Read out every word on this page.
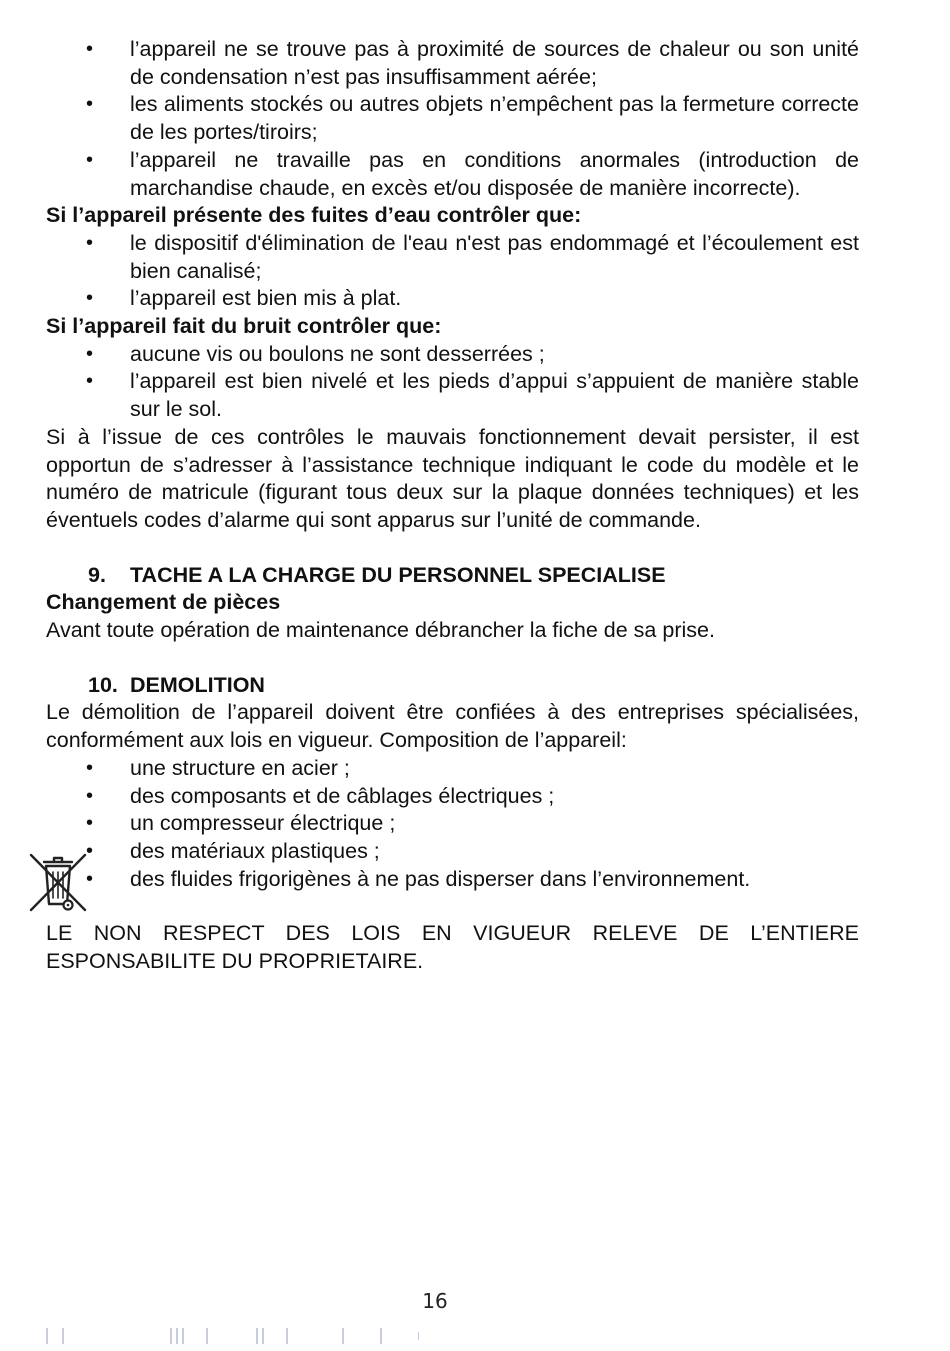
• l’appareil ne se trouve pas à proximité de sources de chaleur ou son unité de condensation n’est pas insuffisamment aérée;
• les aliments stockés ou autres objets n’empêchent pas la fermeture correcte de les portes/tiroirs;
• l’appareil ne travaille pas en conditions anormales (introduction de marchandise chaude, en excès et/ou disposée de manière incorrecte).
Si l’appareil présente des fuites d’eau contrôler que:
• le dispositif d'élimination de l'eau n'est pas endommagé et l’écoulement est bien canalisé;
• l’appareil est bien mis à plat.
Si l’appareil fait du bruit contrôler que:
• aucune vis ou boulons ne sont desserrées ;
• l’appareil est bien nivelé et les pieds d’appui s’appuient de manière stable sur le sol.

Si à l’issue de ces contrôles le mauvais fonctionnement devait persister, il est opportun de s’adresser à l’assistance technique indiquant le code du modèle et le numéro de matricule (figurant tous deux sur la plaque données techniques) et les éventuels codes d’alarme qui sont apparus sur l’unité de commande.

9. TACHE A LA CHARGE DU PERSONNEL SPECIALISE
Changement de pièces

Avant toute opération de maintenance débrancher la fiche de sa prise.

10. DEMOLITION

Le démolition de l’appareil doivent être confiées à des entreprises spécialisées, conformément aux lois en vigueur. Composition de l’appareil:

• une structure en acier ;
• des composants et de câblages électriques ;
• un compresseur électrique ;
• des matériaux plastiques ;
• des fluides frigorigènes à ne pas disperser dans l’environnement.

LE NON RESPECT DES LOIS EN VIGUEUR RELEVE DE L’ENTIERE ESPONSABILITE DU PROPRIETAIRE.

16
